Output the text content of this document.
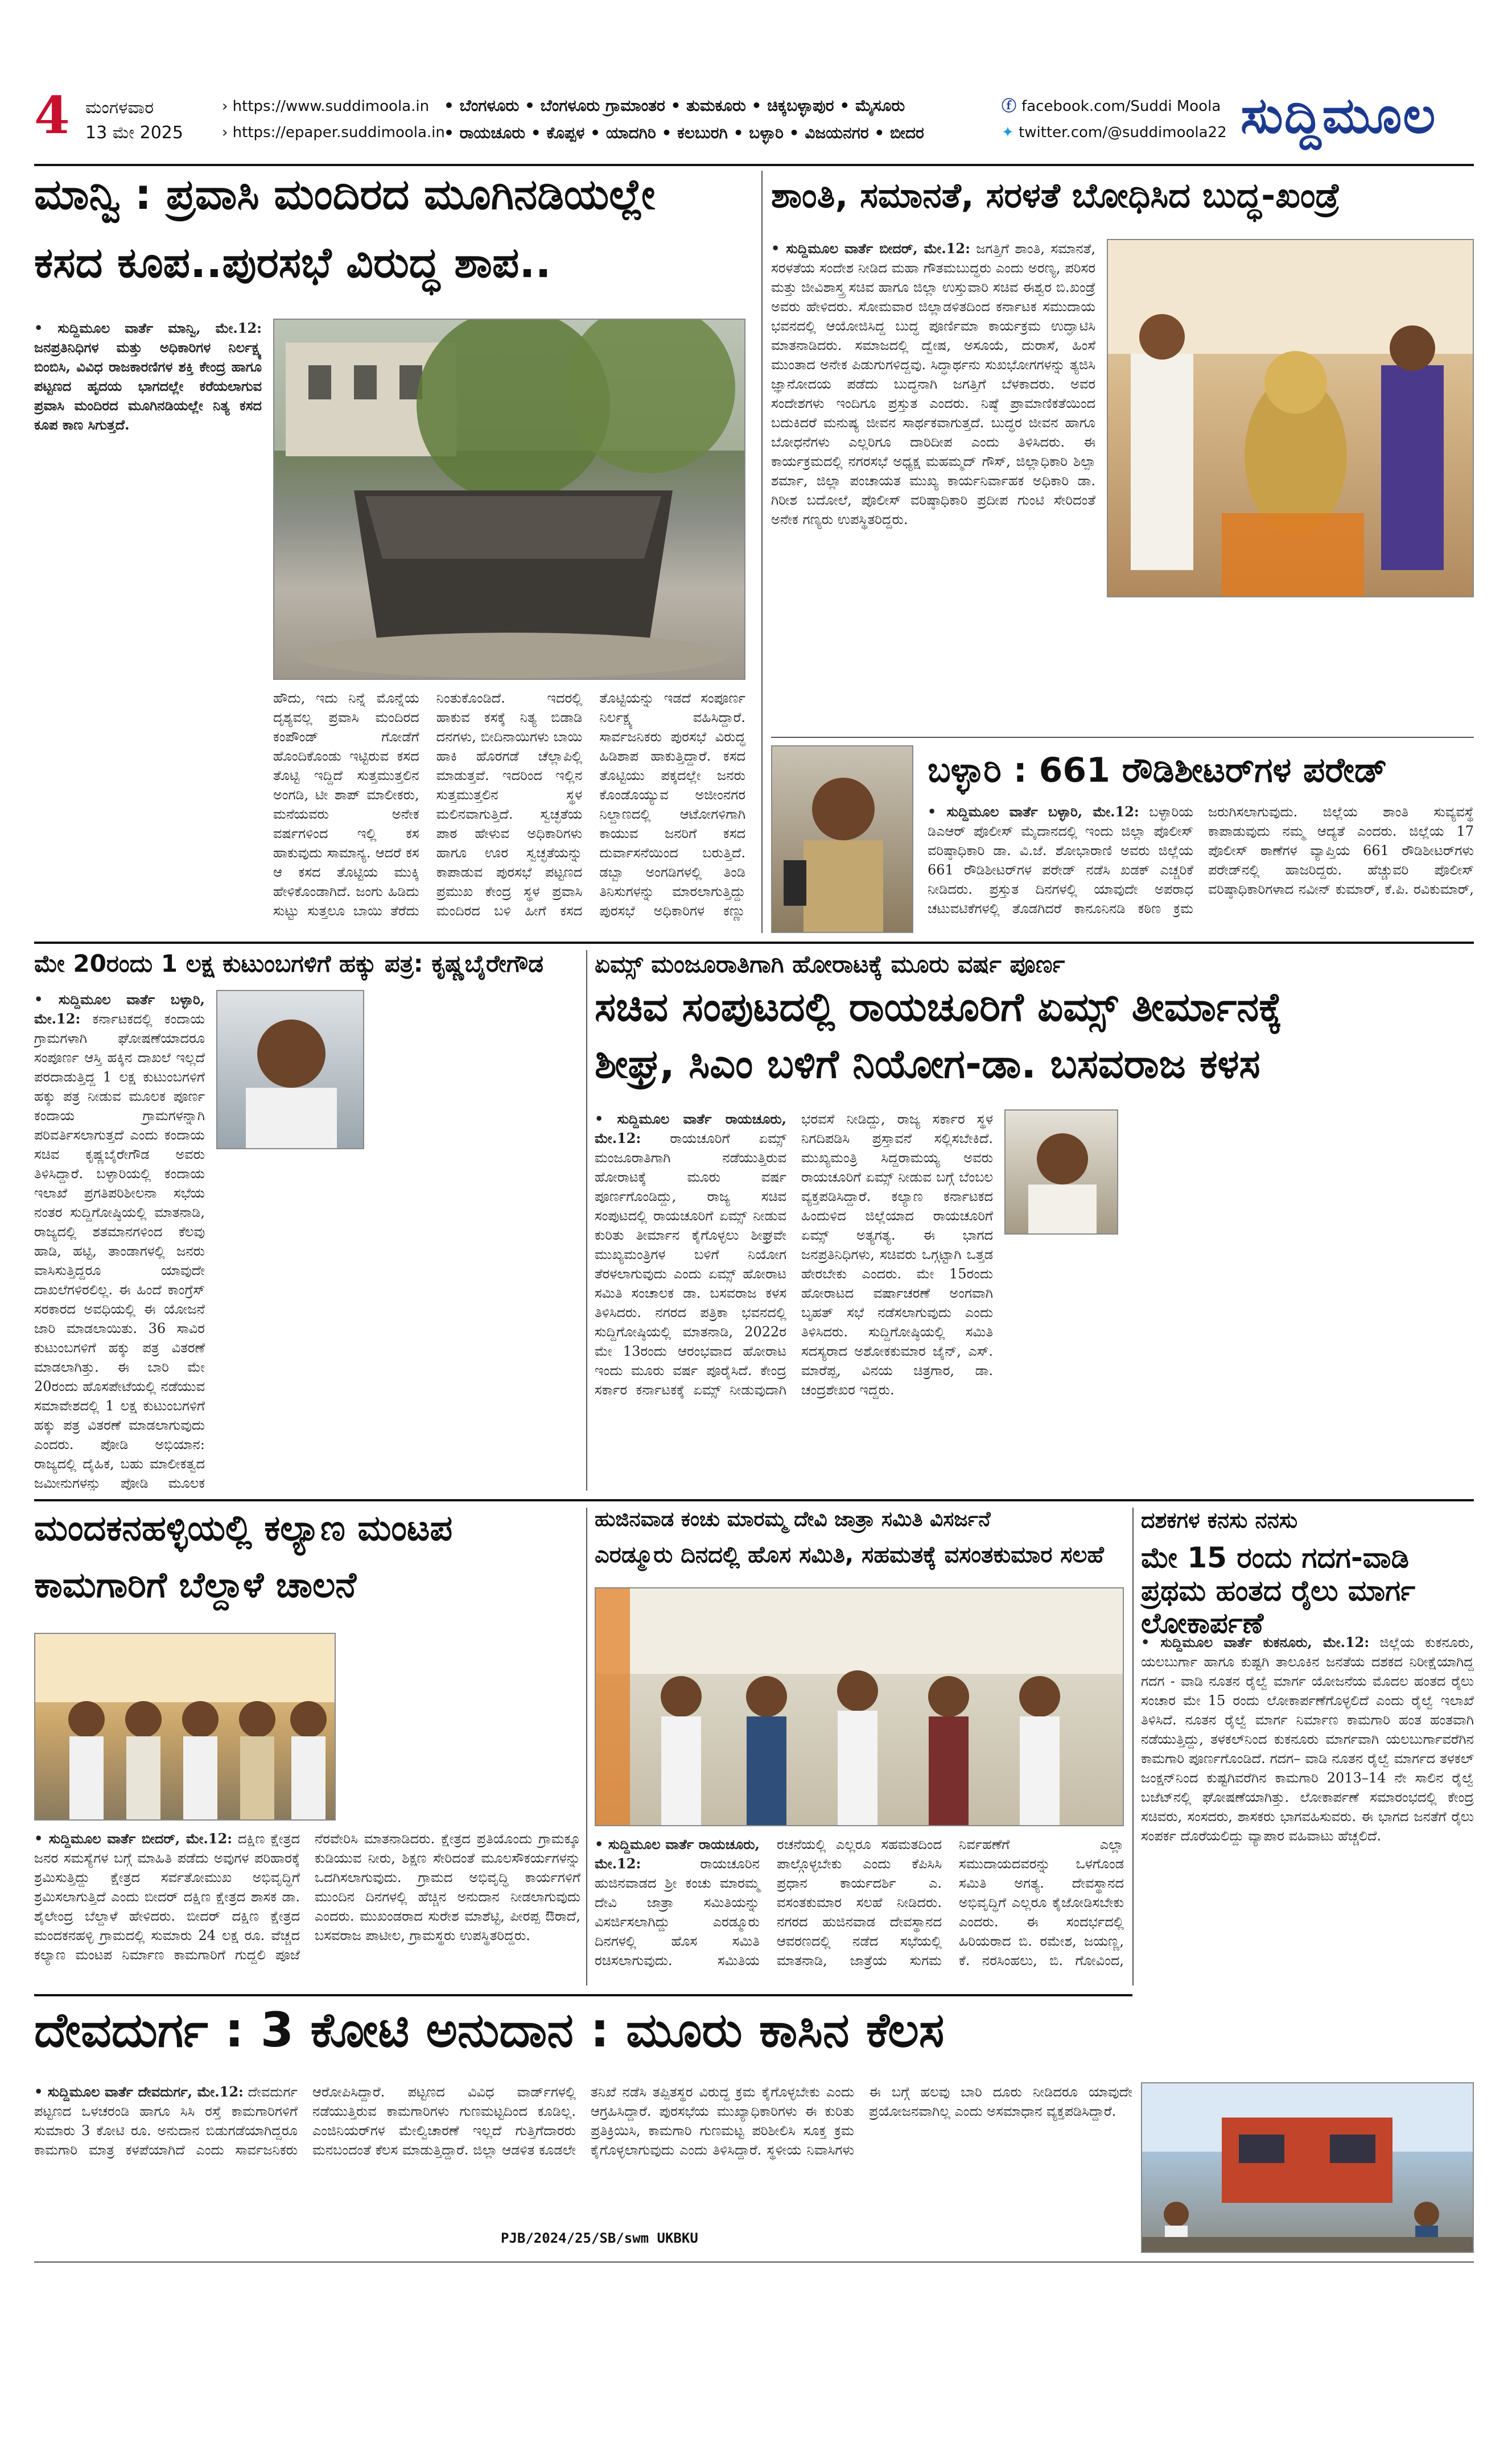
4 ಮಂಗಳವಾರ
13 ಮೇ 2025
› https://www.suddimoola.in
› https://epaper.suddimoola.in
• ಬೆಂಗಳೂರು • ಬೆಂಗಳೂರು ಗ್ರಾಮಾಂತರ • ತುಮಕೂರು • ಚಿಕ್ಕಬಳ್ಳಾಪುರ • ಮೈಸೂರು
• ರಾಯಚೂರು • ಕೊಪ್ಪಳ • ಯಾದಗಿರಿ • ಕಲಬುರಗಿ • ಬಳ್ಳಾರಿ • ವಿಜಯನಗರ • ಬೀದರ
ⓕ facebook.com/Suddi Moola
✦ twitter.com/@suddimoola22 ಸುದ್ದಿಮೂಲ
ಮಾನ್ವಿ : ಪ್ರವಾಸಿ ಮಂದಿರದ ಮೂಗಿನಡಿಯಲ್ಲೇ
ಕಸದ ಕೂಪ..ಪುರಸಭೆ ವಿರುದ್ಧ ಶಾಪ..
• ಸುದ್ದಿಮೂಲ ವಾರ್ತೆ ಮಾನ್ವಿ, ಮೇ.12: ಜನಪ್ರತಿನಿಧಿಗಳ ಮತ್ತು ಅಧಿಕಾರಿಗಳ ನಿರ್ಲಕ್ಷ್ಯ ಬಿಂಬಿಸಿ, ವಿವಿಧ ರಾಜಕಾರಣಿಗಳ ಶಕ್ತಿ ಕೇಂದ್ರ ಹಾಗೂ ಪಟ್ಟಣದ ಹೃದಯ ಭಾಗದಲ್ಲೇ ಕರೆಯಲಾಗುವ ಪ್ರವಾಸಿ ಮಂದಿರದ ಮೂಗಿನಡಿಯಲ್ಲೇ ನಿತ್ಯ ಕಸದ ಕೂಪ ಕಾಣ ಸಿಗುತ್ತದೆ.
ಹೌದು, ಇದು ನಿನ್ನೆ ಮೊನ್ನೆಯ ದೃಶ್ಯವಲ್ಲ ಪ್ರವಾಸಿ ಮಂದಿರದ ಕಂಪೌಂಡ್ ಗೋಡೆಗೆ ಹೊಂದಿಕೊಂಡು ಇಟ್ಟಿರುವ ಕಸದ ತೊಟ್ಟಿ ಇದ್ದಿದೆ ಸುತ್ತಮುತ್ತಲಿನ ಅಂಗಡಿ, ಟೀ ಶಾಪ್ ಮಾಲೀಕರು, ಮನೆಯವರು ಅನೇಕ ವರ್ಷಗಳಿಂದ ಇಲ್ಲಿ ಕಸ ಹಾಕುವುದು ಸಾಮಾನ್ಯ. ಆದರೆ ಕಸ ಆ ಕಸದ ತೊಟ್ಟಿಯ ಮುಕ್ಕಿ ಹೇಳಿಕೊಂಡಾಗಿದೆ. ಜಂಗು ಹಿಡಿದು ಸುಟ್ಟು ಸುತ್ತಲೂ ಬಾಯಿ ತೆರೆದು ನಿಂತುಕೊಂಡಿದೆ. ಇದರಲ್ಲಿ ಹಾಕುವ ಕಸಕ್ಕೆ ನಿತ್ಯ ಬಿಡಾಡಿ ದನಗಳು, ಬೀದಿನಾಯಿಗಳು ಬಾಯಿ ಹಾಕಿ ಹೊರಗಡೆ ಚೆಲ್ಲಾಪಿಲ್ಲಿ ಮಾಡುತ್ತವೆ. ಇದರಿಂದ ಇಲ್ಲಿನ ಸುತ್ತಮುತ್ತಲಿನ ಸ್ಥಳ ಮಲಿನವಾಗುತ್ತಿದೆ. ಸ್ವಚ್ಛತೆಯ ಪಾಠ ಹೇಳುವ ಅಧಿಕಾರಿಗಳು ಹಾಗೂ ಊರ ಸ್ವಚ್ಛತೆಯನ್ನು ಕಾಪಾಡುವ ಪುರಸಭೆ ಪಟ್ಟಣದ ಪ್ರಮುಖ ಕೇಂದ್ರ ಸ್ಥಳ ಪ್ರವಾಸಿ ಮಂದಿರದ ಬಳಿ ಹೀಗೆ ಕಸದ ತೊಟ್ಟಿಯನ್ನು ಇಡದೆ ಸಂಪೂರ್ಣ ನಿರ್ಲಕ್ಷ್ಯ ವಹಿಸಿದ್ದಾರೆ. ಸಾರ್ವಜನಿಕರು ಪುರಸಭೆ ವಿರುದ್ಧ ಹಿಡಿಶಾಪ ಹಾಕುತ್ತಿದ್ದಾರೆ. ಕಸದ ತೊಟ್ಟಿಯು ಪಕ್ಕದಲ್ಲೇ ಜನರು ಕೊಂಡೊಯ್ಯುವ ಅಜೀಂನಗರ ನಿಲ್ದಾಣದಲ್ಲಿ ಆಟೋಗಳಿಗಾಗಿ ಕಾಯುವ ಜನರಿಗೆ ಕಸದ ದುರ್ವಾಸನೆಯಿಂದ ಬರುತ್ತಿದೆ. ಡಬ್ಬಾ ಅಂಗಡಿಗಳಲ್ಲಿ ತಿಂಡಿ ತಿನಿಸುಗಳನ್ನು ಮಾರಲಾಗುತ್ತಿದ್ದು ಪುರಸಭೆ ಅಧಿಕಾರಿಗಳ ಕಣ್ಣು
ಶಾಂತಿ, ಸಮಾನತೆ, ಸರಳತೆ ಬೋಧಿಸಿದ ಬುದ್ಧ-ಖಂಡ್ರೆ
• ಸುದ್ದಿಮೂಲ ವಾರ್ತೆ ಬೀದರ್, ಮೇ.12: ಜಗತ್ತಿಗೆ ಶಾಂತಿ, ಸಮಾನತೆ, ಸರಳತೆಯ ಸಂದೇಶ ನೀಡಿದ ಮಹಾ ಗೌತಮಬುದ್ಧರು ಎಂದು ಅರಣ್ಯ, ಪರಿಸರ ಮತ್ತು ಜೀವಿಶಾಸ್ತ್ರ ಸಚಿವ ಹಾಗೂ ಜಿಲ್ಲಾ ಉಸ್ತುವಾರಿ ಸಚಿವ ಈಶ್ವರ ಬಿ.ಖಂಡ್ರೆ ಅವರು ಹೇಳಿದರು. ಸೋಮವಾರ ಜಿಲ್ಲಾಡಳಿತದಿಂದ ಕರ್ನಾಟಕ ಸಮುದಾಯ ಭವನದಲ್ಲಿ ಆಯೋಜಿಸಿದ್ದ ಬುದ್ಧ ಪೂರ್ಣಿಮಾ ಕಾರ್ಯಕ್ರಮ ಉದ್ಘಾಟಿಸಿ ಮಾತನಾಡಿದರು. ಸಮಾಜದಲ್ಲಿ ದ್ವೇಷ, ಅಸೂಯೆ, ದುರಾಸೆ, ಹಿಂಸೆ ಮುಂತಾದ ಅನೇಕ ಪಿಡುಗುಗಳಿದ್ದವು. ಸಿದ್ಧಾರ್ಥನು ಸುಖಭೋಗಗಳನ್ನು ತ್ಯಜಿಸಿ ಜ್ಞಾನೋದಯ ಪಡೆದು ಬುದ್ಧನಾಗಿ ಜಗತ್ತಿಗೆ ಬೆಳಕಾದರು. ಅವರ ಸಂದೇಶಗಳು ಇಂದಿಗೂ ಪ್ರಸ್ತುತ ಎಂದರು. ನಿಷ್ಠೆ ಪ್ರಾಮಾಣಿಕತೆಯಿಂದ ಬದುಕಿದರೆ ಮನುಷ್ಯ ಜೀವನ ಸಾರ್ಥಕವಾಗುತ್ತದೆ. ಬುದ್ಧರ ಜೀವನ ಹಾಗೂ ಬೋಧನೆಗಳು ಎಲ್ಲರಿಗೂ ದಾರಿದೀಪ ಎಂದು ತಿಳಿಸಿದರು. ಈ ಕಾರ್ಯಕ್ರಮದಲ್ಲಿ ನಗರಸಭೆ ಅಧ್ಯಕ್ಷ ಮಹಮ್ಮದ್ ಗೌಸ್, ಜಿಲ್ಲಾಧಿಕಾರಿ ಶಿಲ್ಪಾ ಶರ್ಮಾ, ಜಿಲ್ಲಾ ಪಂಚಾಯತ ಮುಖ್ಯ ಕಾರ್ಯನಿರ್ವಾಹಕ ಅಧಿಕಾರಿ ಡಾ. ಗಿರೀಶ ಬದೋಲೆ, ಪೊಲೀಸ್ ವರಿಷ್ಠಾಧಿಕಾರಿ ಪ್ರದೀಪ ಗುಂಟಿ ಸೇರಿದಂತೆ ಅನೇಕ ಗಣ್ಯರು ಉಪಸ್ಥಿತರಿದ್ದರು.
ಬಳ್ಳಾರಿ : 661 ರೌಡಿಶೀಟರ್‌ಗಳ ಪರೇಡ್
• ಸುದ್ದಿಮೂಲ ವಾರ್ತೆ ಬಳ್ಳಾರಿ, ಮೇ.12: ಬಳ್ಳಾರಿಯ ಡಿಎಆರ್ ಪೊಲೀಸ್ ಮೈದಾನದಲ್ಲಿ ಇಂದು ಜಿಲ್ಲಾ ಪೊಲೀಸ್ ವರಿಷ್ಠಾಧಿಕಾರಿ ಡಾ. ವಿ.ಜೆ. ಶೋಭಾರಾಣಿ ಅವರು ಜಿಲ್ಲೆಯ 661 ರೌಡಿಶೀಟರ್‌ಗಳ ಪರೇಡ್ ನಡೆಸಿ ಖಡಕ್ ಎಚ್ಚರಿಕೆ ನೀಡಿದರು. ಪ್ರಸ್ತುತ ದಿನಗಳಲ್ಲಿ ಯಾವುದೇ ಅಪರಾಧ ಚಟುವಟಿಕೆಗಳಲ್ಲಿ ತೊಡಗಿದರೆ ಕಾನೂನಿನಡಿ ಕಠಿಣ ಕ್ರಮ ಜರುಗಿಸಲಾಗುವುದು. ಜಿಲ್ಲೆಯ ಶಾಂತಿ ಸುವ್ಯವಸ್ಥೆ ಕಾಪಾಡುವುದು ನಮ್ಮ ಆದ್ಯತೆ ಎಂದರು. ಜಿಲ್ಲೆಯ 17 ಪೊಲೀಸ್ ಠಾಣೆಗಳ ವ್ಯಾಪ್ತಿಯ 661 ರೌಡಿಶೀಟರ್‌ಗಳು ಪರೇಡ್‌ನಲ್ಲಿ ಹಾಜರಿದ್ದರು. ಹೆಚ್ಚುವರಿ ಪೊಲೀಸ್ ವರಿಷ್ಠಾಧಿಕಾರಿಗಳಾದ ನವೀನ್ ಕುಮಾರ್, ಕೆ.ಪಿ. ರವಿಕುಮಾರ್,
ಮೇ 20ರಂದು 1 ಲಕ್ಷ ಕುಟುಂಬಗಳಿಗೆ ಹಕ್ಕು ಪತ್ರ: ಕೃಷ್ಣಬೈರೇಗೌಡ
• ಸುದ್ದಿಮೂಲ ವಾರ್ತೆ ಬಳ್ಳಾರಿ, ಮೇ.12: ಕರ್ನಾಟಕದಲ್ಲಿ ಕಂದಾಯ ಗ್ರಾಮಗಳಾಗಿ ಘೋಷಣೆಯಾದರೂ ಸಂಪೂರ್ಣ ಆಸ್ತಿ ಹಕ್ಕಿನ ದಾಖಲೆ ಇಲ್ಲದೆ ಪರದಾಡುತ್ತಿದ್ದ 1 ಲಕ್ಷ ಕುಟುಂಬಗಳಿಗೆ ಹಕ್ಕು ಪತ್ರ ನೀಡುವ ಮೂಲಕ ಪೂರ್ಣ ಕಂದಾಯ ಗ್ರಾಮಗಳನ್ನಾಗಿ ಪರಿವರ್ತಿಸಲಾಗುತ್ತದೆ ಎಂದು ಕಂದಾಯ ಸಚಿವ ಕೃಷ್ಣಬೈರೇಗೌಡ ಅವರು ತಿಳಿಸಿದ್ದಾರೆ. ಬಳ್ಳಾರಿಯಲ್ಲಿ ಕಂದಾಯ ಇಲಾಖೆ ಪ್ರಗತಿಪರಿಶೀಲನಾ ಸಭೆಯ ನಂತರ ಸುದ್ದಿಗೋಷ್ಠಿಯಲ್ಲಿ ಮಾತನಾಡಿ, ರಾಜ್ಯದಲ್ಲಿ ಶತಮಾನಗಳಿಂದ ಕೆಲವು ಹಾಡಿ, ಹಟ್ಟಿ, ತಾಂಡಾಗಳಲ್ಲಿ ಜನರು ವಾಸಿಸುತ್ತಿದ್ದರೂ ಯಾವುದೇ ದಾಖಲೆಗಳಿರಲಿಲ್ಲ. ಈ ಹಿಂದೆ ಕಾಂಗ್ರೆಸ್ ಸರಕಾರದ ಅವಧಿಯಲ್ಲಿ ಈ ಯೋಜನೆ ಜಾರಿ ಮಾಡಲಾಯಿತು. 36 ಸಾವಿರ ಕುಟುಂಬಗಳಿಗೆ ಹಕ್ಕು ಪತ್ರ ವಿತರಣೆ ಮಾಡಲಾಗಿತ್ತು. ಈ ಬಾರಿ ಮೇ 20ರಂದು ಹೊಸಪೇಟೆಯಲ್ಲಿ ನಡೆಯುವ ಸಮಾವೇಶದಲ್ಲಿ 1 ಲಕ್ಷ ಕುಟುಂಬಗಳಿಗೆ ಹಕ್ಕು ಪತ್ರ ವಿತರಣೆ ಮಾಡಲಾಗುವುದು ಎಂದರು. ಪೋಡಿ ಅಭಿಯಾನ: ರಾಜ್ಯದಲ್ಲಿ ದೈಹಿಕ, ಬಹು ಮಾಲೀಕತ್ವದ ಜಮೀನುಗಳನ್ನು ಪೋಡಿ ಮೂಲಕ
ಏಮ್ಸ್ ಮಂಜೂರಾತಿಗಾಗಿ ಹೋರಾಟಕ್ಕೆ ಮೂರು ವರ್ಷ ಪೂರ್ಣ
ಸಚಿವ ಸಂಪುಟದಲ್ಲಿ ರಾಯಚೂರಿಗೆ ಏಮ್ಸ್ ತೀರ್ಮಾನಕ್ಕೆ
ಶೀಘ್ರ, ಸಿಎಂ ಬಳಿಗೆ ನಿಯೋಗ-ಡಾ. ಬಸವರಾಜ ಕಳಸ
• ಸುದ್ದಿಮೂಲ ವಾರ್ತೆ ರಾಯಚೂರು, ಮೇ.12: ರಾಯಚೂರಿಗೆ ಏಮ್ಸ್ ಮಂಜೂರಾತಿಗಾಗಿ ನಡೆಯುತ್ತಿರುವ ಹೋರಾಟಕ್ಕೆ ಮೂರು ವರ್ಷ ಪೂರ್ಣಗೊಂಡಿದ್ದು, ರಾಜ್ಯ ಸಚಿವ ಸಂಪುಟದಲ್ಲಿ ರಾಯಚೂರಿಗೆ ಏಮ್ಸ್ ನೀಡುವ ಕುರಿತು ತೀರ್ಮಾನ ಕೈಗೊಳ್ಳಲು ಶೀಘ್ರವೇ ಮುಖ್ಯಮಂತ್ರಿಗಳ ಬಳಿಗೆ ನಿಯೋಗ ತೆರಳಲಾಗುವುದು ಎಂದು ಏಮ್ಸ್ ಹೋರಾಟ ಸಮಿತಿ ಸಂಚಾಲಕ ಡಾ. ಬಸವರಾಜ ಕಳಸ ತಿಳಿಸಿದರು. ನಗರದ ಪತ್ರಿಕಾ ಭವನದಲ್ಲಿ ಸುದ್ದಿಗೋಷ್ಠಿಯಲ್ಲಿ ಮಾತನಾಡಿ, 2022ರ ಮೇ 13ರಂದು ಆರಂಭವಾದ ಹೋರಾಟ ಇಂದು ಮೂರು ವರ್ಷ ಪೂರೈಸಿದೆ. ಕೇಂದ್ರ ಸರ್ಕಾರ ಕರ್ನಾಟಕಕ್ಕೆ ಏಮ್ಸ್ ನೀಡುವುದಾಗಿ ಭರವಸೆ ನೀಡಿದ್ದು, ರಾಜ್ಯ ಸರ್ಕಾರ ಸ್ಥಳ ನಿಗದಿಪಡಿಸಿ ಪ್ರಸ್ತಾವನೆ ಸಲ್ಲಿಸಬೇಕಿದೆ. ಮುಖ್ಯಮಂತ್ರಿ ಸಿದ್ದರಾಮಯ್ಯ ಅವರು ರಾಯಚೂರಿಗೆ ಏಮ್ಸ್ ನೀಡುವ ಬಗ್ಗೆ ಬೆಂಬಲ ವ್ಯಕ್ತಪಡಿಸಿದ್ದಾರೆ. ಕಲ್ಯಾಣ ಕರ್ನಾಟಕದ ಹಿಂದುಳಿದ ಜಿಲ್ಲೆಯಾದ ರಾಯಚೂರಿಗೆ ಏಮ್ಸ್ ಅತ್ಯಗತ್ಯ. ಈ ಭಾಗದ ಜನಪ್ರತಿನಿಧಿಗಳು, ಸಚಿವರು ಒಗ್ಗಟ್ಟಾಗಿ ಒತ್ತಡ ಹೇರಬೇಕು ಎಂದರು. ಮೇ 15ರಂದು ಹೋರಾಟದ ವರ್ಷಾಚರಣೆ ಅಂಗವಾಗಿ ಬೃಹತ್ ಸಭೆ ನಡೆಸಲಾಗುವುದು ಎಂದು ತಿಳಿಸಿದರು. ಸುದ್ದಿಗೋಷ್ಠಿಯಲ್ಲಿ ಸಮಿತಿ ಸದಸ್ಯರಾದ ಅಶೋಕಕುಮಾರ ಜೈನ್, ಎಸ್. ಮಾರೆಪ್ಪ, ವಿನಯ ಚಿತ್ರಗಾರ, ಡಾ. ಚಂದ್ರಶೇಖರ ಇದ್ದರು.
ಮಂದಕನಹಳ್ಳಿಯಲ್ಲಿ ಕಲ್ಯಾಣ ಮಂಟಪ
ಕಾಮಗಾರಿಗೆ ಬೆಲ್ದಾಳೆ ಚಾಲನೆ
• ಸುದ್ದಿಮೂಲ ವಾರ್ತೆ ಬೀದರ್, ಮೇ.12: ದಕ್ಷಿಣ ಕ್ಷೇತ್ರದ ಜನರ ಸಮಸ್ಯೆಗಳ ಬಗ್ಗೆ ಮಾಹಿತಿ ಪಡೆದು ಅವುಗಳ ಪರಿಹಾರಕ್ಕೆ ಶ್ರಮಿಸುತ್ತಿದ್ದು ಕ್ಷೇತ್ರದ ಸರ್ವತೋಮುಖ ಅಭಿವೃದ್ಧಿಗೆ ಶ್ರಮಿಸಲಾಗುತ್ತಿದೆ ಎಂದು ಬೀದರ್ ದಕ್ಷಿಣ ಕ್ಷೇತ್ರದ ಶಾಸಕ ಡಾ. ಶೈಲೇಂದ್ರ ಬೆಲ್ದಾಳೆ ಹೇಳಿದರು. ಬೀದರ್ ದಕ್ಷಿಣ ಕ್ಷೇತ್ರದ ಮಂದಕನಹಳ್ಳಿ ಗ್ರಾಮದಲ್ಲಿ ಸುಮಾರು 24 ಲಕ್ಷ ರೂ. ವೆಚ್ಚದ ಕಲ್ಯಾಣ ಮಂಟಪ ನಿರ್ಮಾಣ ಕಾಮಗಾರಿಗೆ ಗುದ್ದಲಿ ಪೂಜೆ ನೆರವೇರಿಸಿ ಮಾತನಾಡಿದರು. ಕ್ಷೇತ್ರದ ಪ್ರತಿಯೊಂದು ಗ್ರಾಮಕ್ಕೂ ಕುಡಿಯುವ ನೀರು, ಶಿಕ್ಷಣ ಸೇರಿದಂತೆ ಮೂಲಸೌಕರ್ಯಗಳನ್ನು ಒದಗಿಸಲಾಗುವುದು. ಗ್ರಾಮದ ಅಭಿವೃದ್ಧಿ ಕಾರ್ಯಗಳಿಗೆ ಮುಂದಿನ ದಿನಗಳಲ್ಲಿ ಹೆಚ್ಚಿನ ಅನುದಾನ ನೀಡಲಾಗುವುದು ಎಂದರು. ಮುಖಂಡರಾದ ಸುರೇಶ ಮಾಶೆಟ್ಟಿ, ಪೀರಪ್ಪ ಔರಾದೆ, ಬಸವರಾಜ ಪಾಟೀಲ, ಗ್ರಾಮಸ್ಥರು ಉಪಸ್ಥಿತರಿದ್ದರು.
ಹುಜಿನವಾಡ ಕಂಚು ಮಾರಮ್ಮ ದೇವಿ ಜಾತ್ರಾ ಸಮಿತಿ ವಿಸರ್ಜನೆ
ಎರಡ್ಮೂರು ದಿನದಲ್ಲಿ ಹೊಸ ಸಮಿತಿ, ಸಹಮತಕ್ಕೆ ವಸಂತಕುಮಾರ ಸಲಹೆ
• ಸುದ್ದಿಮೂಲ ವಾರ್ತೆ ರಾಯಚೂರು, ಮೇ.12:	ರಾಯಚೂರಿನ ಹುಜಿನವಾಡದ ಶ್ರೀ ಕಂಚು ಮಾರಮ್ಮ ದೇವಿ ಜಾತ್ರಾ ಸಮಿತಿಯನ್ನು ವಿಸರ್ಜಿಸಲಾಗಿದ್ದು ಎರಡ್ಮೂರು ದಿನಗಳಲ್ಲಿ ಹೊಸ ಸಮಿತಿ ರಚಿಸಲಾಗುವುದು. ಸಮಿತಿಯ ರಚನೆಯಲ್ಲಿ ಎಲ್ಲರೂ ಸಹಮತದಿಂದ ಪಾಲ್ಗೊಳ್ಳಬೇಕು ಎಂದು ಕೆಪಿಸಿಸಿ ಪ್ರಧಾನ ಕಾರ್ಯದರ್ಶಿ ಎ. ವಸಂತಕುಮಾರ ಸಲಹೆ ನೀಡಿದರು. ನಗರದ ಹುಜಿನವಾಡ ದೇವಸ್ಥಾನದ ಆವರಣದಲ್ಲಿ ನಡೆದ ಸಭೆಯಲ್ಲಿ ಮಾತನಾಡಿ, ಜಾತ್ರೆಯ ಸುಗಮ ನಿರ್ವಹಣೆಗೆ ಎಲ್ಲಾ ಸಮುದಾಯದವರನ್ನು ಒಳಗೊಂಡ ಸಮಿತಿ ಅಗತ್ಯ. ದೇವಸ್ಥಾನದ ಅಭಿವೃದ್ಧಿಗೆ ಎಲ್ಲರೂ ಕೈಜೋಡಿಸಬೇಕು ಎಂದರು. ಈ ಸಂದರ್ಭದಲ್ಲಿ ಹಿರಿಯರಾದ ಬಿ. ರಮೇಶ, ಜಯಣ್ಣ, ಕೆ. ನರಸಿಂಹಲು, ಬಿ. ಗೋವಿಂದ,
ದಶಕಗಳ ಕನಸು ನನಸು
ಮೇ 15 ರಂದು ಗದಗ-ವಾಡಿ ಪ್ರಥಮ ಹಂತದ ರೈಲು ಮಾರ್ಗ ಲೋಕಾರ್ಪಣೆ
• ಸುದ್ದಿಮೂಲ ವಾರ್ತೆ ಕುಕನೂರು, ಮೇ.12: ಜಿಲ್ಲೆಯ ಕುಕನೂರು, ಯಲಬುರ್ಗಾ ಹಾಗೂ ಕುಷ್ಟಗಿ ತಾಲೂಕಿನ ಜನತೆಯ ದಶಕದ ನಿರೀಕ್ಷೆಯಾಗಿದ್ದ ಗದಗ - ವಾಡಿ ನೂತನ ರೈಲ್ವೆ ಮಾರ್ಗ ಯೋಜನೆಯ ಮೊದಲ ಹಂತದ ರೈಲು ಸಂಚಾರ ಮೇ 15 ರಂದು ಲೋಕಾರ್ಪಣೆಗೊಳ್ಳಲಿದೆ ಎಂದು ರೈಲ್ವೆ ಇಲಾಖೆ ತಿಳಿಸಿದೆ. ನೂತನ ರೈಲ್ವೆ ಮಾರ್ಗ ನಿರ್ಮಾಣ ಕಾಮಗಾರಿ ಹಂತ ಹಂತವಾಗಿ ನಡೆಯುತ್ತಿದ್ದು, ತಳಕಲ್‌ನಿಂದ ಕುಕನೂರು ಮಾರ್ಗವಾಗಿ ಯಲಬುರ್ಗಾವರೆಗಿನ ಕಾಮಗಾರಿ ಪೂರ್ಣಗೊಂಡಿದೆ. ಗದಗ– ವಾಡಿ ನೂತನ ರೈಲ್ವೆ ಮಾರ್ಗದ ತಳಕಲ್ ಜಂಕ್ಷನ್‌ನಿಂದ ಕುಷ್ಟಗಿವರೆಗಿನ ಕಾಮಗಾರಿ 2013–14 ನೇ ಸಾಲಿನ ರೈಲ್ವೆ ಬಜೆಟ್‌ನಲ್ಲಿ ಘೋಷಣೆಯಾಗಿತ್ತು. ಲೋಕಾರ್ಪಣೆ ಸಮಾರಂಭದಲ್ಲಿ ಕೇಂದ್ರ ಸಚಿವರು, ಸಂಸದರು, ಶಾಸಕರು ಭಾಗವಹಿಸುವರು. ಈ ಭಾಗದ ಜನತೆಗೆ ರೈಲು ಸಂಪರ್ಕ ದೊರೆಯಲಿದ್ದು ವ್ಯಾಪಾರ ವಹಿವಾಟು ಹೆಚ್ಚಲಿದೆ.
ದೇವದುರ್ಗ : 3 ಕೋಟಿ ಅನುದಾನ : ಮೂರು ಕಾಸಿನ ಕೆಲಸ
• ಸುದ್ದಿಮೂಲ ವಾರ್ತೆ ದೇವದುರ್ಗ, ಮೇ.12: ದೇವದುರ್ಗ ಪಟ್ಟಣದ ಒಳಚರಂಡಿ ಹಾಗೂ ಸಿಸಿ ರಸ್ತೆ ಕಾಮಗಾರಿಗಳಿಗೆ ಸುಮಾರು 3 ಕೋಟಿ ರೂ. ಅನುದಾನ ಬಿಡುಗಡೆಯಾಗಿದ್ದರೂ ಕಾಮಗಾರಿ ಮಾತ್ರ ಕಳಪೆಯಾಗಿದೆ ಎಂದು ಸಾರ್ವಜನಿಕರು ಆರೋಪಿಸಿದ್ದಾರೆ. ಪಟ್ಟಣದ ವಿವಿಧ ವಾರ್ಡ್‌ಗಳಲ್ಲಿ ನಡೆಯುತ್ತಿರುವ ಕಾಮಗಾರಿಗಳು ಗುಣಮಟ್ಟದಿಂದ ಕೂಡಿಲ್ಲ. ಎಂಜಿನಿಯರ್‌ಗಳ ಮೇಲ್ವಿಚಾರಣೆ ಇಲ್ಲದೆ ಗುತ್ತಿಗೆದಾರರು ಮನಬಂದಂತೆ ಕೆಲಸ ಮಾಡುತ್ತಿದ್ದಾರೆ. ಜಿಲ್ಲಾ ಆಡಳಿತ ಕೂಡಲೇ ತನಿಖೆ ನಡೆಸಿ ತಪ್ಪಿತಸ್ಥರ ವಿರುದ್ಧ ಕ್ರಮ ಕೈಗೊಳ್ಳಬೇಕು ಎಂದು ಆಗ್ರಹಿಸಿದ್ದಾರೆ. ಪುರಸಭೆಯ ಮುಖ್ಯಾಧಿಕಾರಿಗಳು ಈ ಕುರಿತು ಪ್ರತಿಕ್ರಿಯಿಸಿ, ಕಾಮಗಾರಿ ಗುಣಮಟ್ಟ ಪರಿಶೀಲಿಸಿ ಸೂಕ್ತ ಕ್ರಮ ಕೈಗೊಳ್ಳಲಾಗುವುದು ಎಂದು ತಿಳಿಸಿದ್ದಾರೆ. ಸ್ಥಳೀಯ ನಿವಾಸಿಗಳು ಈ ಬಗ್ಗೆ ಹಲವು ಬಾರಿ ದೂರು ನೀಡಿದರೂ ಯಾವುದೇ ಪ್ರಯೋಜನವಾಗಿಲ್ಲ ಎಂದು ಅಸಮಾಧಾನ ವ್ಯಕ್ತಪಡಿಸಿದ್ದಾರೆ.
PJB/2024/25/SB/swm UKBKU
